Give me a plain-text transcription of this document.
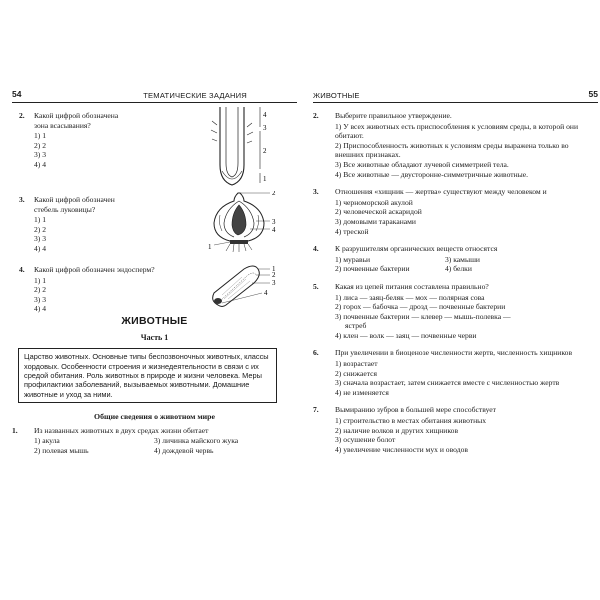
54	ТЕМАТИЧЕСКИЕ ЗАДАНИЯ
2. Какой цифрой обозначена зона всасывания?
1) 1
2) 2
3) 3
4) 4
4
3
2
1
3. Какой цифрой обозначен стебель луковицы?
1) 1
2) 2
3) 3
4) 4
2
3
4
1
4. Какой цифрой обозначен эндосперм?
1) 1
2) 2
3) 3
4) 4
1
2
3
4
ЖИВОТНЫЕ
Часть 1
Царство животных. Основные типы беспозвоночных животных, классы хордовых. Особенности строения и жизнедеятельности в связи с их средой обитания. Роль животных в природе и жизни человека. Меры профилактики заболеваний, вызываемых животными. Домашние животные и уход за ними.
Общие сведения о животном мире
1. Из названных животных в двух средах жизни обитает
1) акула	3) личинка майского жука
2) полевая мышь	4) дождевой червь
ЖИВОТНЫЕ	55
2. Выберите правильное утверждение.
1) У всех животных есть приспособления к условиям среды, в которой они обитают.
2) Приспособленность животных к условиям среды выражена только во внешних признаках.
3) Все животные обладают лучевой симметрией тела.
4) Все животные — двусторонне-симметричные животные.
3. Отношения «хищник — жертва» существуют между человеком и
1) черноморской акулой
2) человеческой аскаридой
3) домовыми тараканами
4) треской
4. К разрушителям органических веществ относятся
1) муравьи	3) камыши
2) почвенные бактерии	4) белки
5. Какая из цепей питания составлена правильно?
1) лиса — заяц-беляк — мох — полярная сова
2) горох — бабочка — дрозд — почвенные бактерии
3) почвенные бактерии — клевер — мышь-полевка —
ястреб
4) клен — волк — заяц — почвенные черви
6. При увеличении в биоценозе численности жертв, численность хищников
1) возрастает
2) снижается
3) сначала возрастает, затем снижается вместе с численностью жертв
4) не изменяется
7. Вымиранию зубров в большей мере способствует
1) строительство в местах обитания животных
2) наличие волков и других хищников
3) осушение болот
4) увеличение численности мух и оводов
